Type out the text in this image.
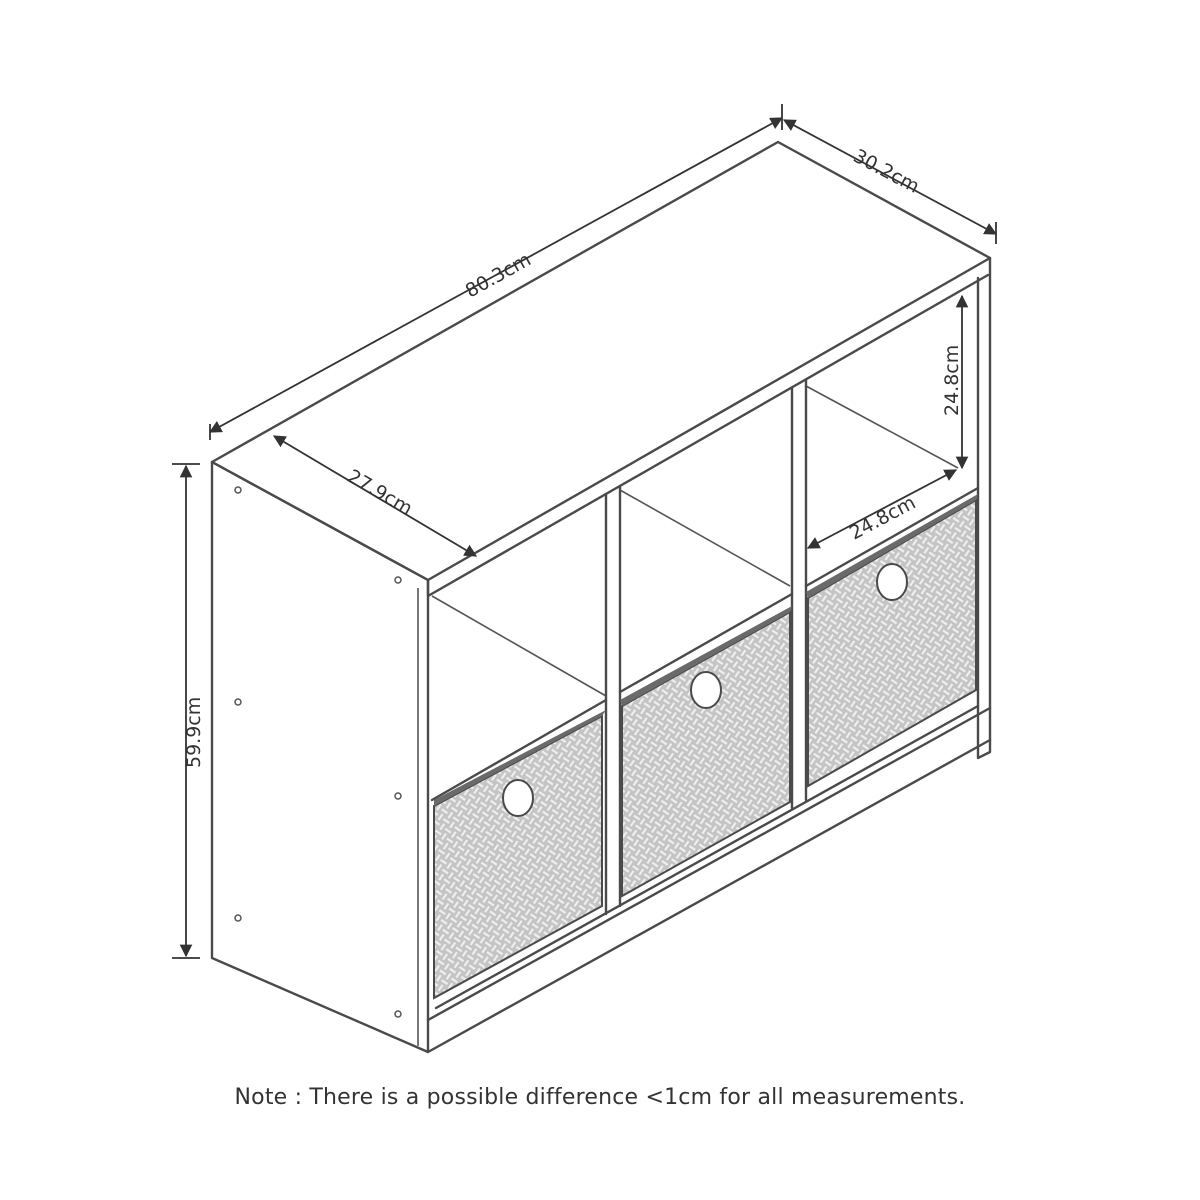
80.3cm
30.2cm
59.9cm
27.9cm
24.8cm
24.8cm
Note : There is a possible difference <1cm for all measurements.
